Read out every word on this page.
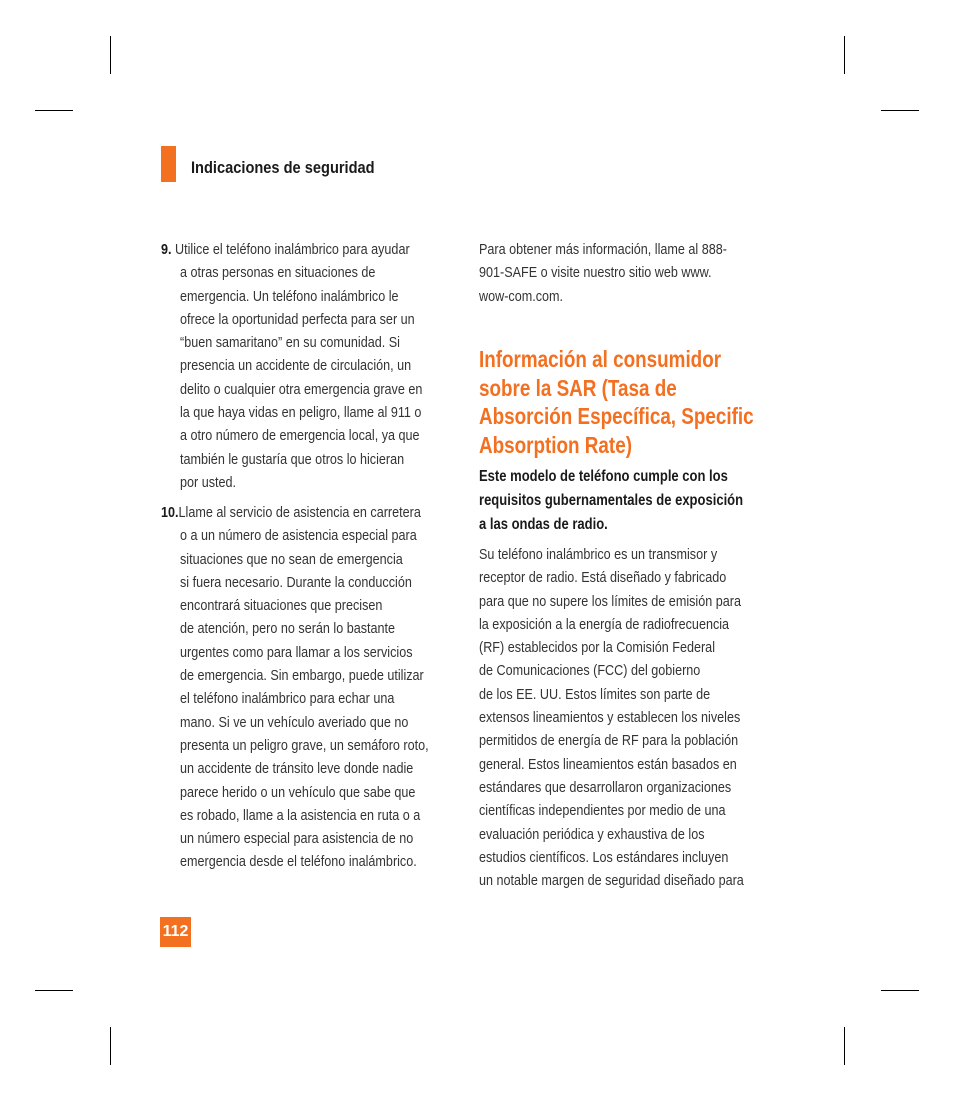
Indicaciones de seguridad
9. Utilice el teléfono inalámbrico para ayudar
a otras personas en situaciones de
emergencia. Un teléfono inalámbrico le
ofrece la oportunidad perfecta para ser un
“buen samaritano” en su comunidad. Si
presencia un accidente de circulación, un
delito o cualquier otra emergencia grave en
la que haya vidas en peligro, llame al 911 o
a otro número de emergencia local, ya que
también le gustaría que otros lo hicieran
por usted.
10.Llame al servicio de asistencia en carretera
o a un número de asistencia especial para
situaciones que no sean de emergencia
si fuera necesario. Durante la conducción
encontrará situaciones que precisen
de atención, pero no serán lo bastante
urgentes como para llamar a los servicios
de emergencia. Sin embargo, puede utilizar
el teléfono inalámbrico para echar una
mano. Si ve un vehículo averiado que no
presenta un peligro grave, un semáforo roto,
un accidente de tránsito leve donde nadie
parece herido o un vehículo que sabe que
es robado, llame a la asistencia en ruta o a
un número especial para asistencia de no
emergencia desde el teléfono inalámbrico.
Para obtener más información, llame al 888-
901-SAFE o visite nuestro sitio web www.
wow-com.com.
Información al consumidor
sobre la SAR (Tasa de
Absorción Específica, Specific
Absorption Rate)
Este modelo de teléfono cumple con los
requisitos gubernamentales de exposición
a las ondas de radio.
Su teléfono inalámbrico es un transmisor y
receptor de radio. Está diseñado y fabricado
para que no supere los límites de emisión para
la exposición a la energía de radiofrecuencia
(RF) establecidos por la Comisión Federal
de Comunicaciones (FCC) del gobierno
de los EE. UU. Estos límites son parte de
extensos lineamientos y establecen los niveles
permitidos de energía de RF para la población
general. Estos lineamientos están basados en
estándares que desarrollaron organizaciones
científicas independientes por medio de una
evaluación periódica y exhaustiva de los
estudios científicos. Los estándares incluyen
un notable margen de seguridad diseñado para
112
